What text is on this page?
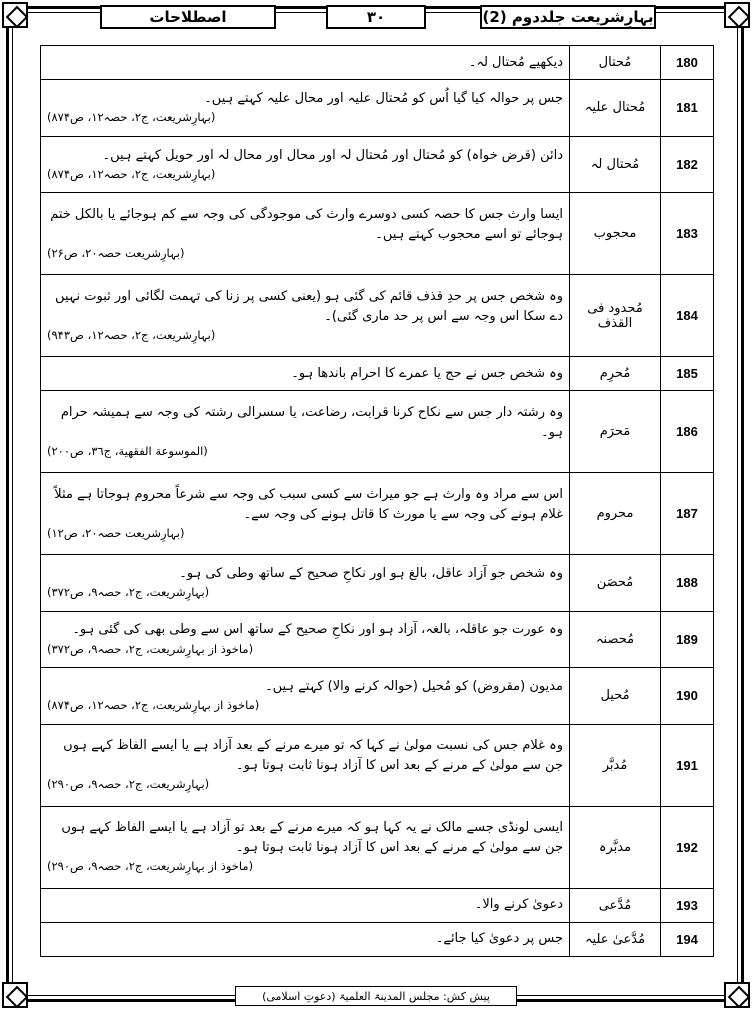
بہارِشریعت جلددوم (2)
۳۰
اصطلاحات
180	مُحتال	دیکھیے مُحتال لہ۔
181	مُحتال علیہ	جس پر حوالہ کیا گیا اُس کو مُحتال علیہ اور محال علیہ کہتے ہیں۔
(بہارِشریعت، ج۲، حصہ۱۲، ص۸۷۴)

182	مُحتال لہ	دائن (قرض خواہ) کو مُحتال اور مُحتال لہ اور محال اور محال لہ اور حویل کہتے ہیں۔
(بہارِشریعت، ج۲، حصہ۱۲، ص۸۷۴)

183	محجوب	ایسا وارث جس کا حصہ کسی دوسرے وارث کی موجودگی کی وجہ سے کم ہوجائے یا بالکل ختم ہوجائے تو اسے محجوب کہتے ہیں۔
(بہارِشریعت حصہ۲۰، ص۲۶)

184	مُحدود فی القذف	وہ شخص جس پر حدِ قذف قائم کی گئی ہو (یعنی کسی پر زنا کی تہمت لگائی اور ثبوت نہیں دے سکا اس وجہ سے اس پر حد ماری گئی)۔
(بہارِشریعت، ج۲، حصہ۱۲، ص۹۴۳)

185	مُحرِم	وہ شخص جس نے حج یا عمرے کا احرام باندھا ہو۔
186	مَحرَم	وہ رشتہ دار جس سے نکاح کرنا قرابت، رضاعت، یا سسرالی رشتہ کی وجہ سے ہمیشہ حرام ہو۔
(الموسوعة الفقهية، ج٣٦، ص٢٠٠)

187	محروم	اس سے مراد وہ وارث ہے جو میراث سے کسی سبب کی وجہ سے شرعاً محروم ہوجاتا ہے مثلاً غلام ہونے کی وجہ سے یا مورث کا قاتل ہونے کی وجہ سے۔
(بہارِشریعت حصہ۲۰، ص۱۲)

188	مُحصَن	وہ شخص جو آزاد عاقل، بالغ ہو اور نکاحِ صحیح کے ساتھ وطی کی ہو۔
(بہارِشریعت، ج۲، حصہ۹، ص۳۷۲)

189	مُحصنہ	وہ عورت جو عاقلہ، بالغہ، آزاد ہو اور نکاحِ صحیح کے ساتھ اس سے وطی بھی کی گئی ہو۔
(ماخوذ از بہارِشریعت، ج۲، حصہ۹، ص۳۷۲)

190	مُحیل	مدیون (مقروض) کو مُحیل (حوالہ کرنے والا) کہتے ہیں۔
(ماخوذ از بہارِشریعت، ج۲، حصہ۱۲، ص۸۷۴)

191	مُدبَّر	وہ غلام جس کی نسبت مولیٰ نے کہا کہ تو میرے مرنے کے بعد آزاد ہے یا ایسے الفاظ کہے ہوں جن سے مولیٰ کے مرنے کے بعد اس کا آزاد ہونا ثابت ہوتا ہو۔
(بہارِشریعت، ج۲، حصہ۹، ص۲۹۰)

192	مدبَّرہ	ایسی لونڈی جسے مالک نے یہ کہا ہو کہ میرے مرنے کے بعد تو آزاد ہے یا ایسے الفاظ کہے ہوں جن سے مولیٰ کے مرنے کے بعد اس کا آزاد ہونا ثابت ہوتا ہو۔
(ماخوذ از بہارِشریعت، ج۲، حصہ۹، ص۲۹۰)

193	مُدَّعی	دعویٰ کرنے والا۔
194	مُدَّعیٰ علیہ	جس پر دعویٰ کیا جائے۔
پیش کش: مجلس المدینۃ العلمیۃ (دعوتِ اسلامی)
